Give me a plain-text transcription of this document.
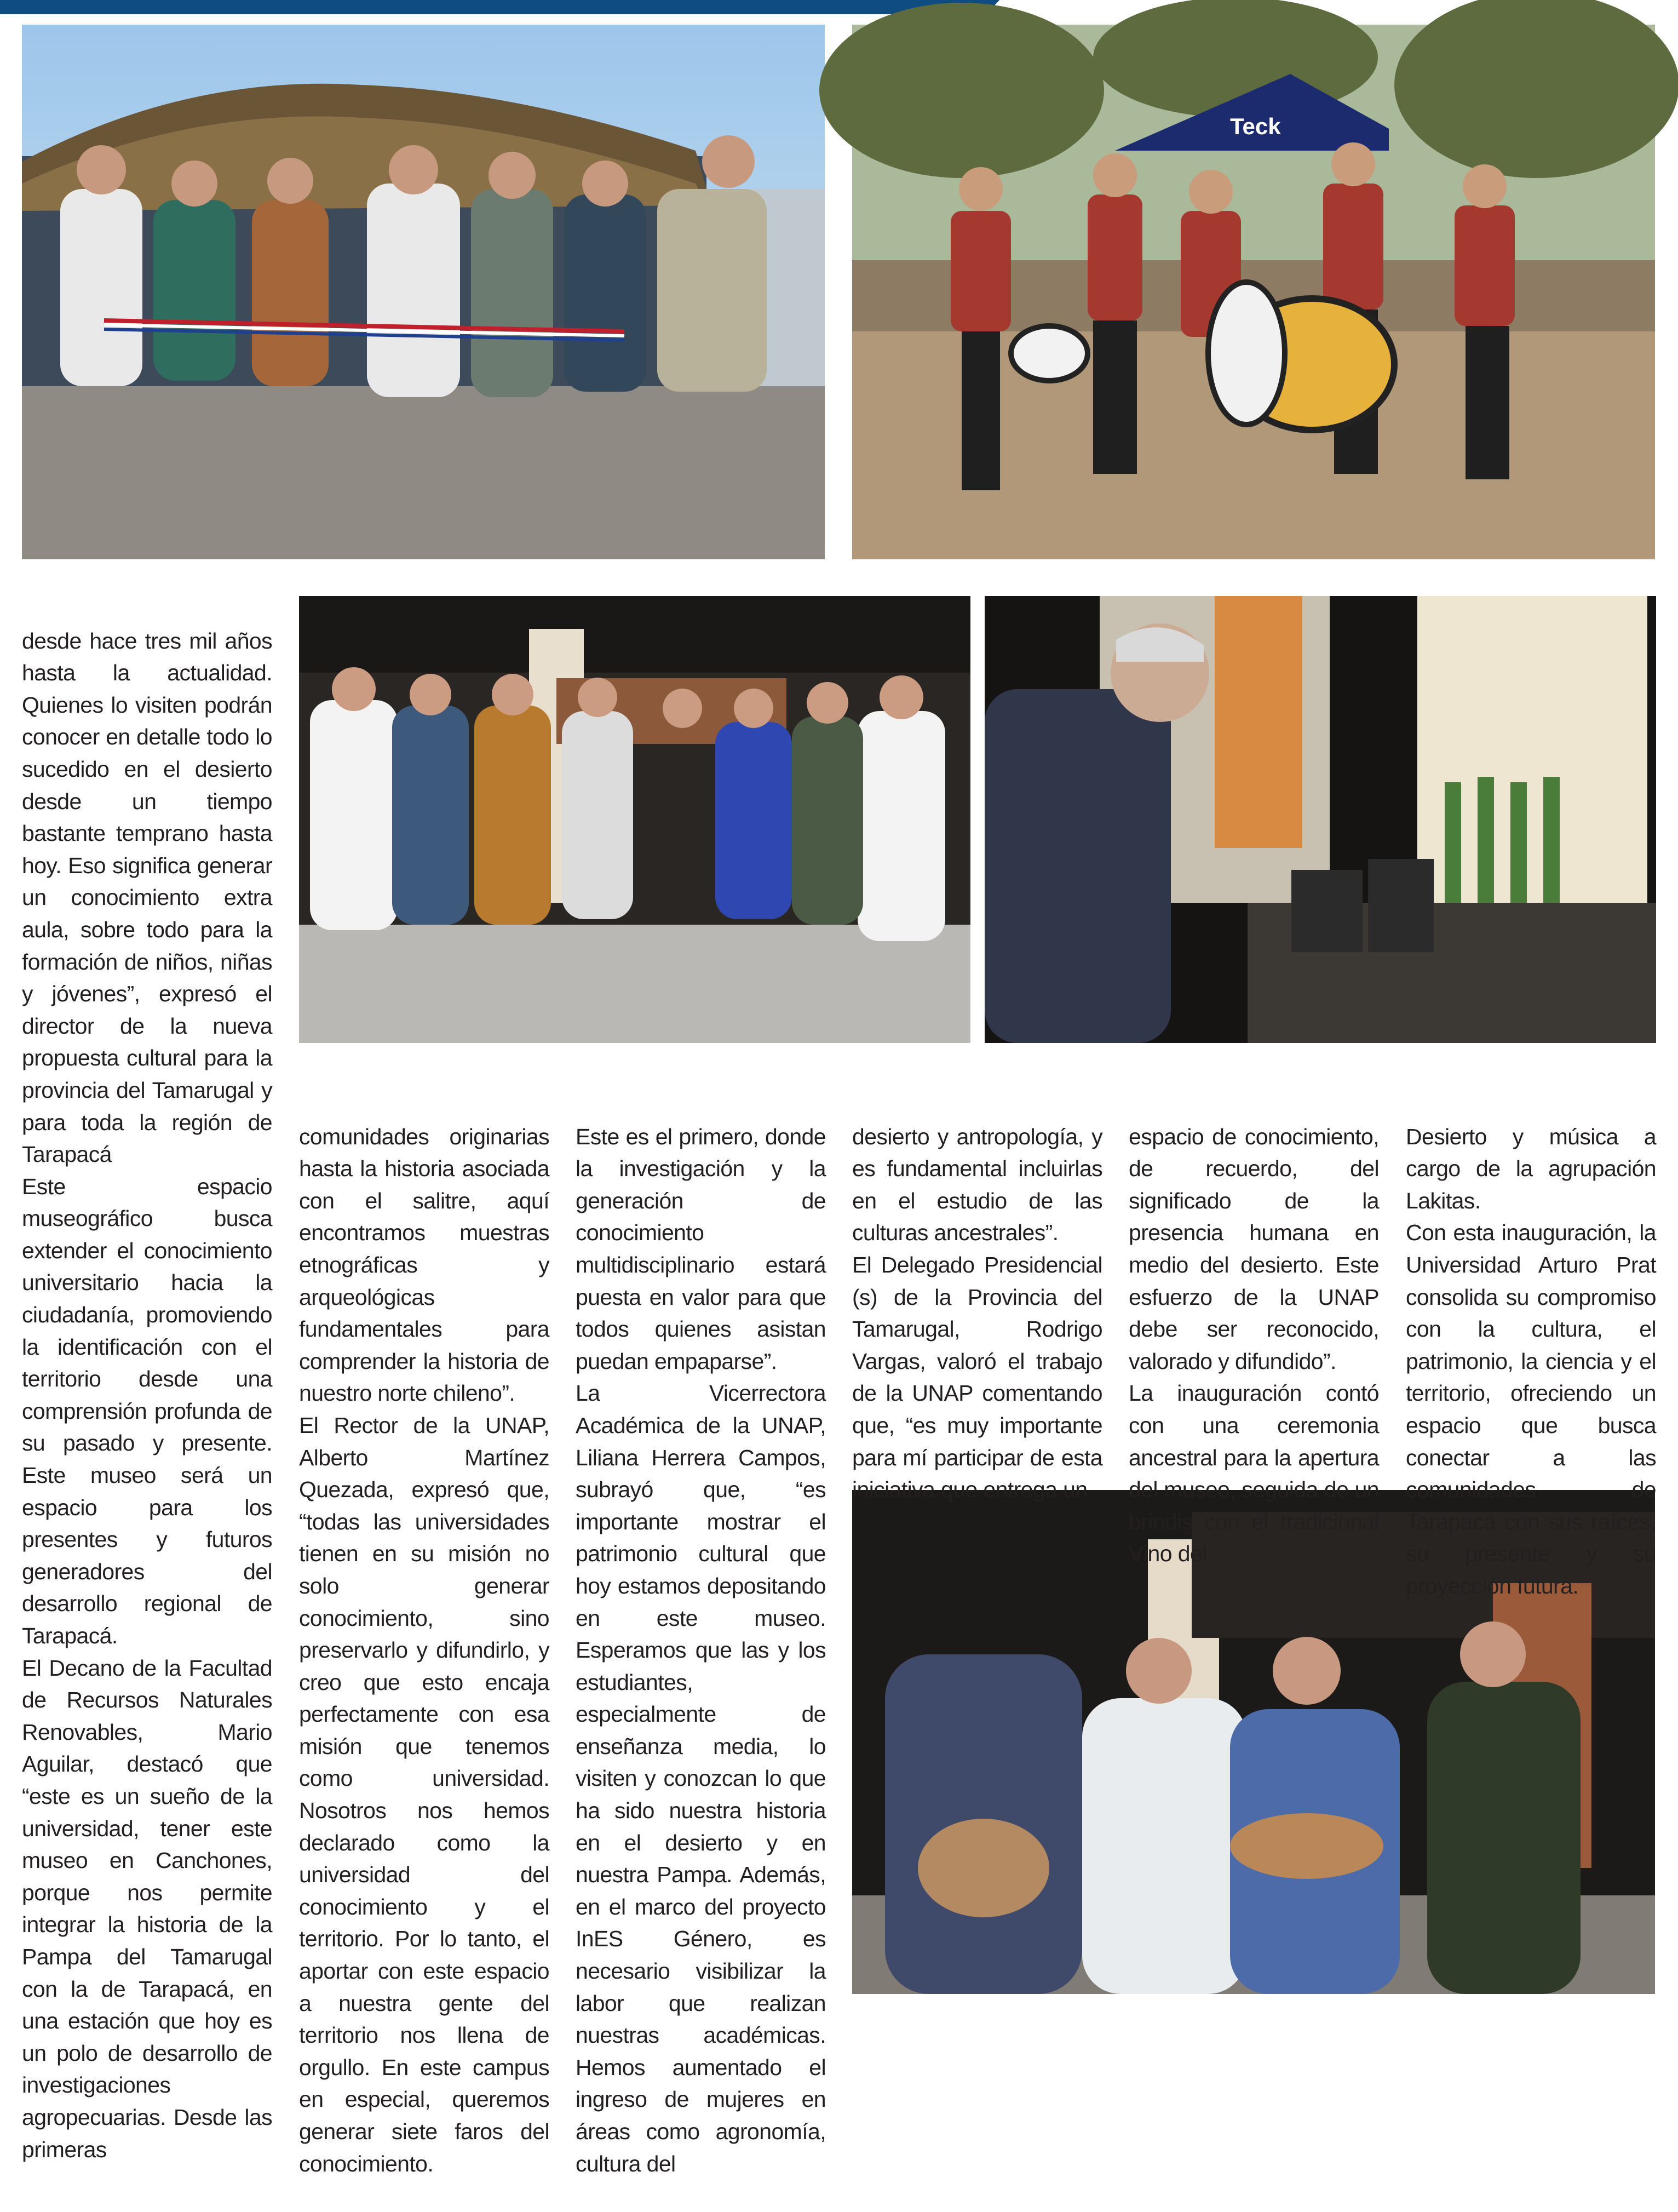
Teck

desde hace tres mil años hasta la actualidad. Quienes lo visiten podrán conocer en detalle todo lo sucedido en el desierto desde un tiempo bastante temprano hasta hoy. Eso significa generar un conocimiento extra aula, sobre todo para la formación de niños, niñas y jóvenes”, expresó el director de la nueva propuesta cultural para la provincia del Tamarugal y para toda la región de Tarapacá
Este espacio museográfico busca extender el conocimiento universitario hacia la ciudadanía, promoviendo la identificación con el territorio desde una comprensión profunda de su pasado y presente. Este museo será un espacio para los presentes y futuros generadores del desarrollo regional de Tarapacá.
El Decano de la Facultad de Recursos Naturales Renovables, Mario Aguilar, destacó que “este es un sueño de la universidad, tener este museo en Canchones, porque nos permite integrar la historia de la Pampa del Tamarugal con la de Tarapacá, en una estación que hoy es un polo de desarrollo de investigaciones agropecuarias. Desde las primeras

comunidades originarias hasta la historia asociada con el salitre, aquí encontramos muestras etnográficas y arqueológicas fundamentales para comprender la historia de nuestro norte chileno”.
El Rector de la UNAP, Alberto Martínez Quezada, expresó que, “todas las universidades tienen en su misión no solo generar conocimiento, sino preservarlo y difundirlo, y creo que esto encaja perfectamente con esa misión que tenemos como universidad. Nosotros nos hemos declarado como la universidad del conocimiento y el territorio. Por lo tanto, el aportar con este espacio a nuestra gente del territorio nos llena de orgullo. En este campus en especial, queremos generar siete faros del conocimiento.

Este es el primero, donde la investigación y la generación de conocimiento multidisciplinario estará puesta en valor para que todos quienes asistan puedan empaparse”.
La Vicerrectora Académica de la UNAP, Liliana Herrera Campos, subrayó que, “es importante mostrar el patrimonio cultural que hoy estamos depositando en este museo. Esperamos que las y los estudiantes, especialmente de enseñanza media, lo visiten y conozcan lo que ha sido nuestra historia en el desierto y en nuestra Pampa. Además, en el marco del proyecto InES Género, es necesario visibilizar la labor que realizan nuestras académicas. Hemos aumentado el ingreso de mujeres en áreas como agronomía, cultura del

desierto y antropología, y es fundamental incluirlas en el estudio de las culturas ancestrales”.
El Delegado Presidencial (s) de la Provincia del Tamarugal, Rodrigo Vargas, valoró el trabajo de la UNAP comentando que, “es muy importante para mí participar de esta iniciativa que entrega un

espacio de conocimiento, de recuerdo, del significado de la presencia humana en medio del desierto. Este esfuerzo de la UNAP debe ser reconocido, valorado y difundido”.
La inauguración contó con una ceremonia ancestral para la apertura del museo, seguida de un brindis con el tradicional Vino del

Desierto y música a cargo de la agrupación Lakitas.
Con esta inauguración, la Universidad Arturo Prat consolida su compromiso con la cultura, el patrimonio, la ciencia y el territorio, ofreciendo un espacio que busca conectar a las comunidades de Tarapacá con sus raíces, su presente y su proyección futura.
